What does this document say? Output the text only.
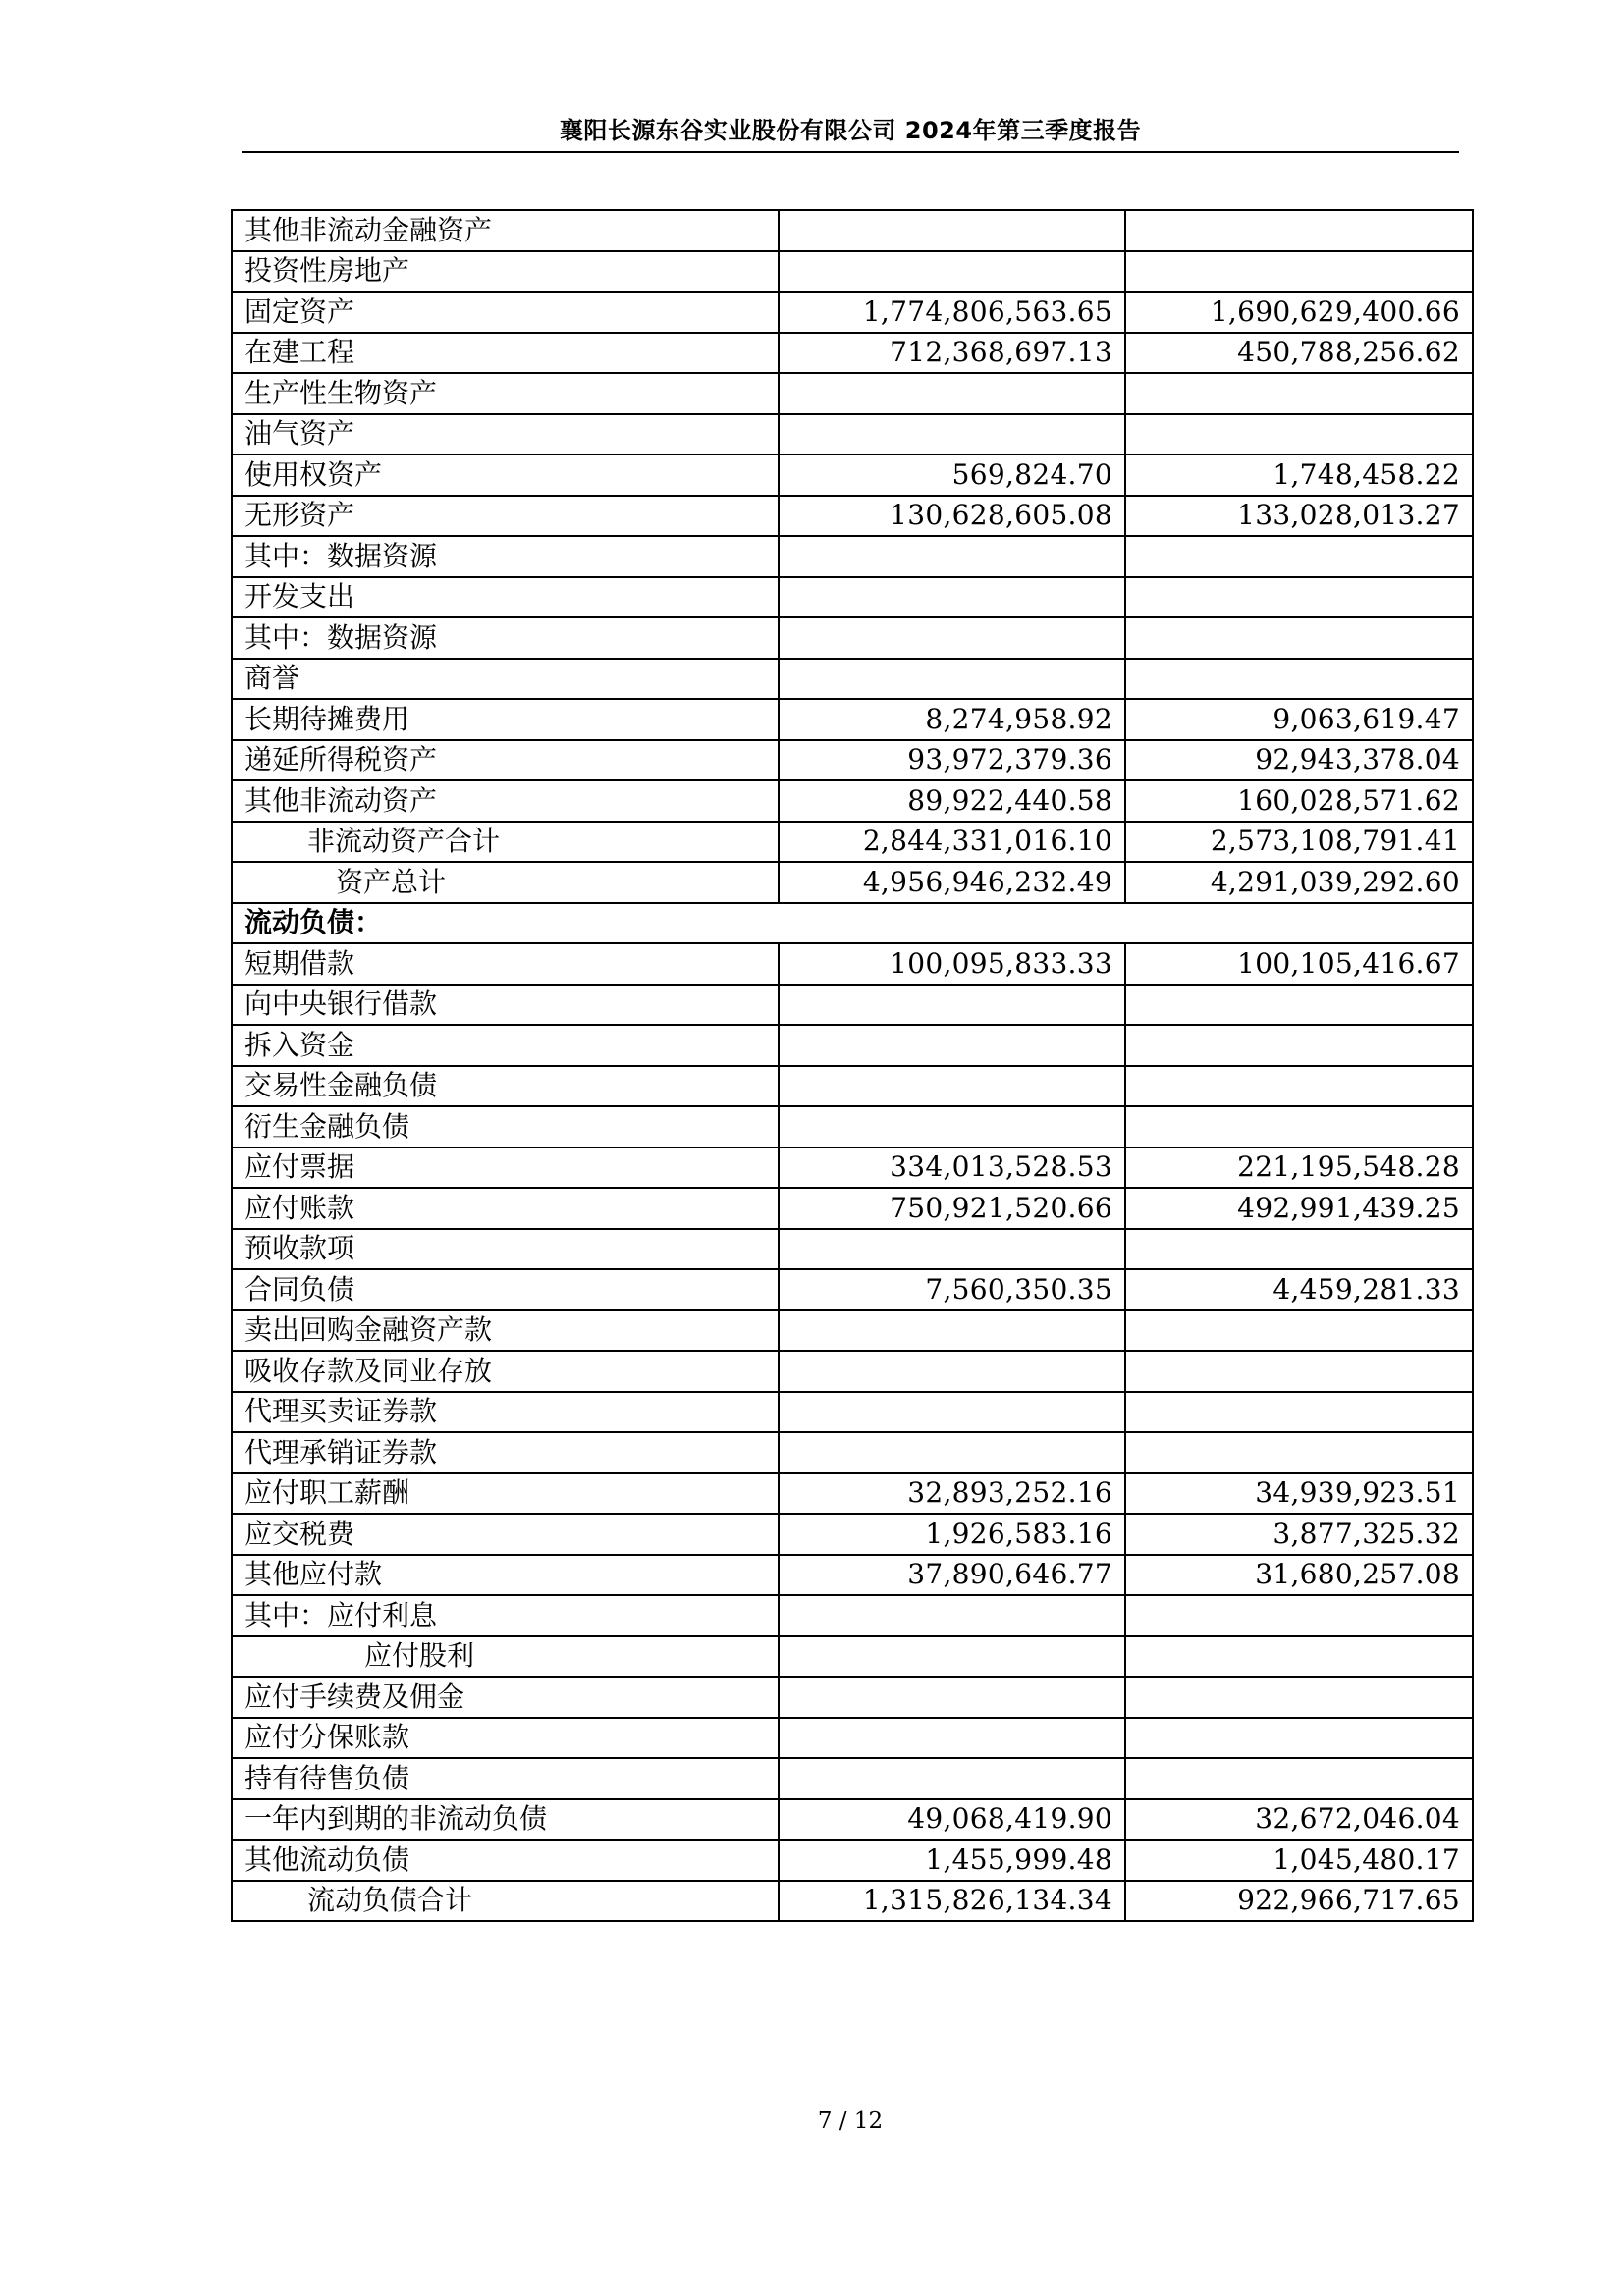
襄阳长源东谷实业股份有限公司 2024年第三季度报告
其他非流动金融资产		
投资性房地产		
固定资产	1,774,806,563.65	1,690,629,400.66
在建工程	712,368,697.13	450,788,256.62
生产性生物资产		
油气资产		
使用权资产	569,824.70	1,748,458.22
无形资产	130,628,605.08	133,028,013.27
其中：数据资源		
开发支出		
其中：数据资源		
商誉		
长期待摊费用	8,274,958.92	9,063,619.47
递延所得税资产	93,972,379.36	92,943,378.04
其他非流动资产	89,922,440.58	160,028,571.62
非流动资产合计	2,844,331,016.10	2,573,108,791.41
资产总计	4,956,946,232.49	4,291,039,292.60
流动负债：		
短期借款	100,095,833.33	100,105,416.67
向中央银行借款		
拆入资金		
交易性金融负债		
衍生金融负债		
应付票据	334,013,528.53	221,195,548.28
应付账款	750,921,520.66	492,991,439.25
预收款项		
合同负债	7,560,350.35	4,459,281.33
卖出回购金融资产款		
吸收存款及同业存放		
代理买卖证券款		
代理承销证券款		
应付职工薪酬	32,893,252.16	34,939,923.51
应交税费	1,926,583.16	3,877,325.32
其他应付款	37,890,646.77	31,680,257.08
其中：应付利息		
应付股利		
应付手续费及佣金		
应付分保账款		
持有待售负债		
一年内到期的非流动负债	49,068,419.90	32,672,046.04
其他流动负债	1,455,999.48	1,045,480.17
流动负债合计	1,315,826,134.34	922,966,717.65
7 / 12
